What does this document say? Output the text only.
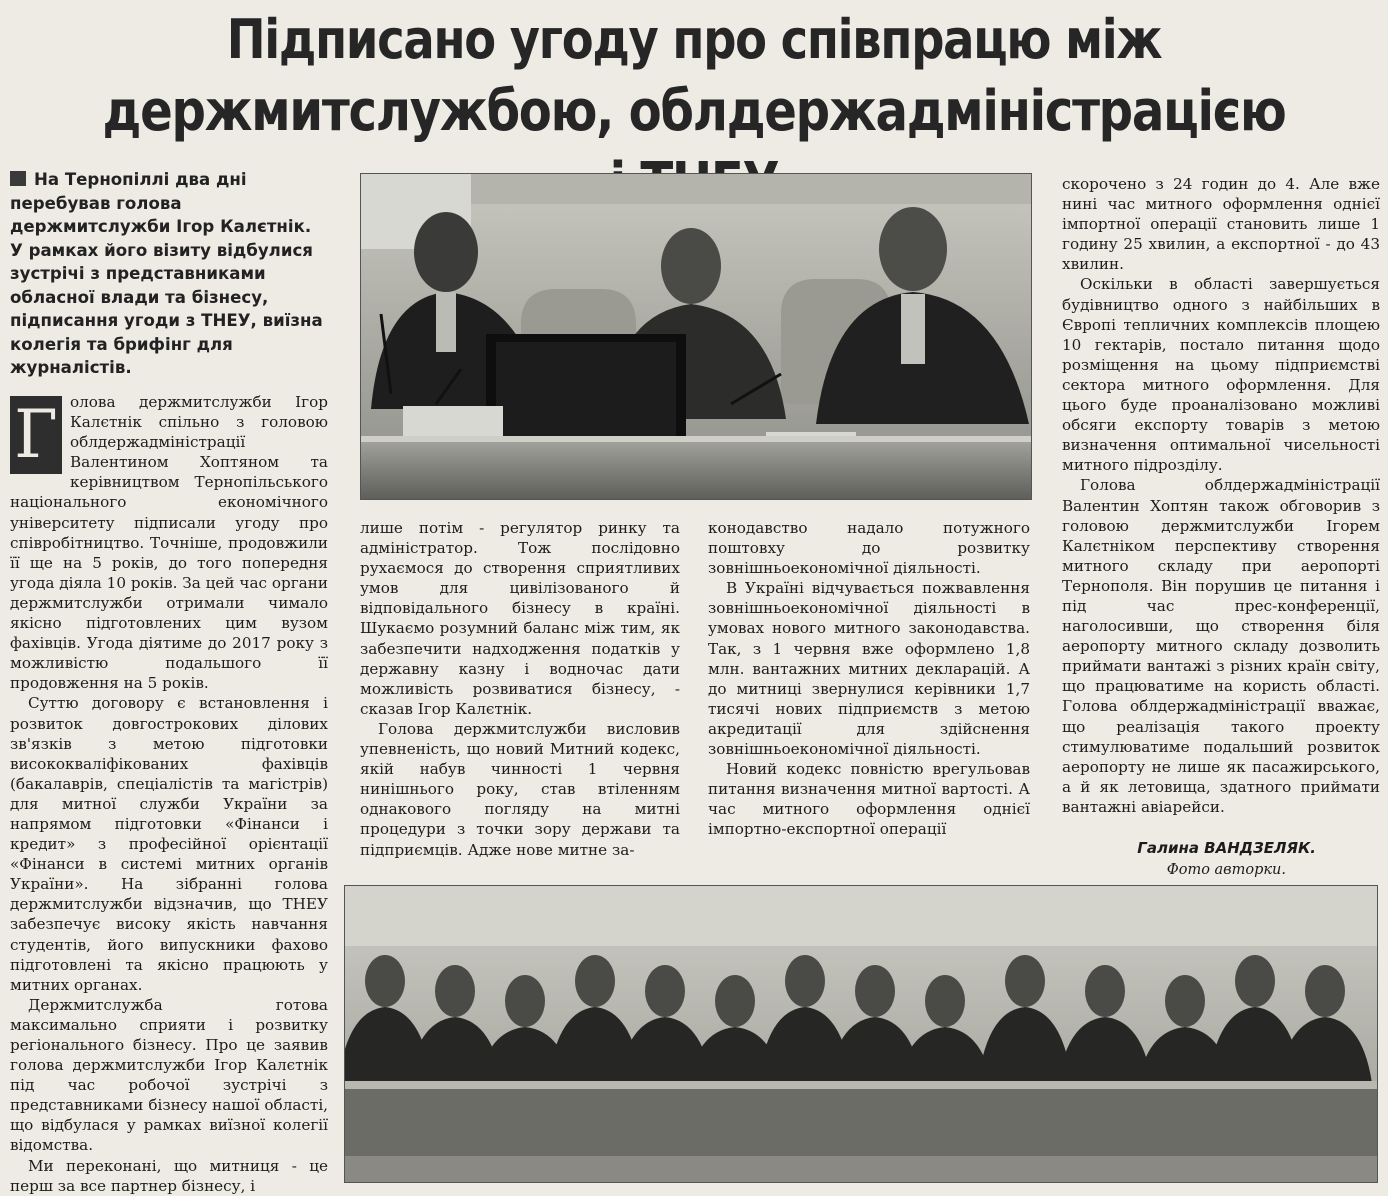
Підписано угоду про співпрацю між
держмитслужбою, облдержадміністрацією
На Тернопіллі два дні перебував голова держмитслужби Ігор Калєтнік. У рамках його візиту відбулися зустрічі з представниками обласної влади та бізнесу, підписання угоди з ТНЕУ, виїзна колегія та брифінг для журналістів.
Г олова держмитслужби Ігор Калєтнік спільно з головою облдержадміністрації Валентином Хоптяном та керівництвом Тернопільського національного економічного університету підписали угоду про співробітництво. Точніше, продовжили її ще на 5 років, до того попередня угода діяла 10 років. За цей час органи держмитслужби отримали чимало якісно підготовлених цим вузом фахівців. Угода діятиме до 2017 року з можливістю подальшого її продовження на 5 років.

Суттю договору є встановлення і розвиток довгострокових ділових зв'язків з метою підготовки висококваліфікованих фахівців (бакалаврів, спеціалістів та магістрів) для митної служби України за напрямом підготовки «Фінанси і кредит» з професійної орієнтації «Фінанси в системі митних органів України». На зібранні голова держмитслужби відзначив, що ТНЕУ забезпечує високу якість навчання студентів, його випускники фахово підготовлені та якісно працюють у митних органах.

Держмитслужба готова максимально сприяти і розвитку регіонального бізнесу. Про це заявив голова держмитслужби Ігор Калєтнік під час робочої зустрічі з представниками бізнесу нашої області, що відбулася у рамках виїзної колегії відомства.

Ми переконані, що митниця - це перш за все партнер бізнесу, і

лише потім - регулятор ринку та адміністратор. Тож послідовно рухаємося до створення сприятливих умов для цивілізованого й відповідального бізнесу в країні. Шукаємо розумний баланс між тим, як забезпечити надходження податків у державну казну і водночас дати можливість розвиватися бізнесу, - сказав Ігор Калєтнік.

Голова держмитслужби висловив упевненість, що новий Митний кодекс, якій набув чинності 1 червня нинішнього року, став втіленням однакового погляду на митні процедури з точки зору держави та підприємців. Адже нове митне за-

конодавство надало потужного поштовху до розвитку зовнішньоекономічної діяльності.

В Україні відчувається пожвавлення зовнішньоекономічної діяльності в умовах нового митного законодавства. Так, з 1 червня вже оформлено 1,8 млн. вантажних митних декларацій. А до митниці звернулися керівники 1,7 тисячі нових підприємств з метою акредитації для здійснення зовнішньоекономічної діяльності.

Новий кодекс повністю врегульовав питання визначення митної вартості. А час митного оформлення однієї імпортно-експортної операції

скорочено з 24 годин до 4. Але вже нині час митного оформлення однієї імпортної операції становить лише 1 годину 25 хвилин, а експортної - до 43 хвилин.

Оскільки в області завершується будівництво одного з найбільших в Європі тепличних комплексів площею 10 гектарів, постало питання щодо розміщення на цьому підприємстві сектора митного оформлення. Для цього буде проаналізовано можливі обсяги експорту товарів з метою визначення оптимальної чисельності митного підрозділу.

Голова облдержадміністрації Валентин Хоптян також обговорив з головою держмитслужби Ігорем Калєтніком перспективу створення митного складу при аеропорті Тернополя. Він порушив це питання і під час прес-конференції, наголосивши, що створення біля аеропорту митного складу дозволить приймати вантажі з різних країн світу, що працюватиме на користь області. Голова облдержадміністрації вважає, що реалізація такого проекту стимулюватиме подальший розвиток аеропорту не лише як пасажирського, а й як летовища, здатного приймати вантажні авіарейси.

Галина ВАНДЗЕЛЯК.
Фото авторки.
